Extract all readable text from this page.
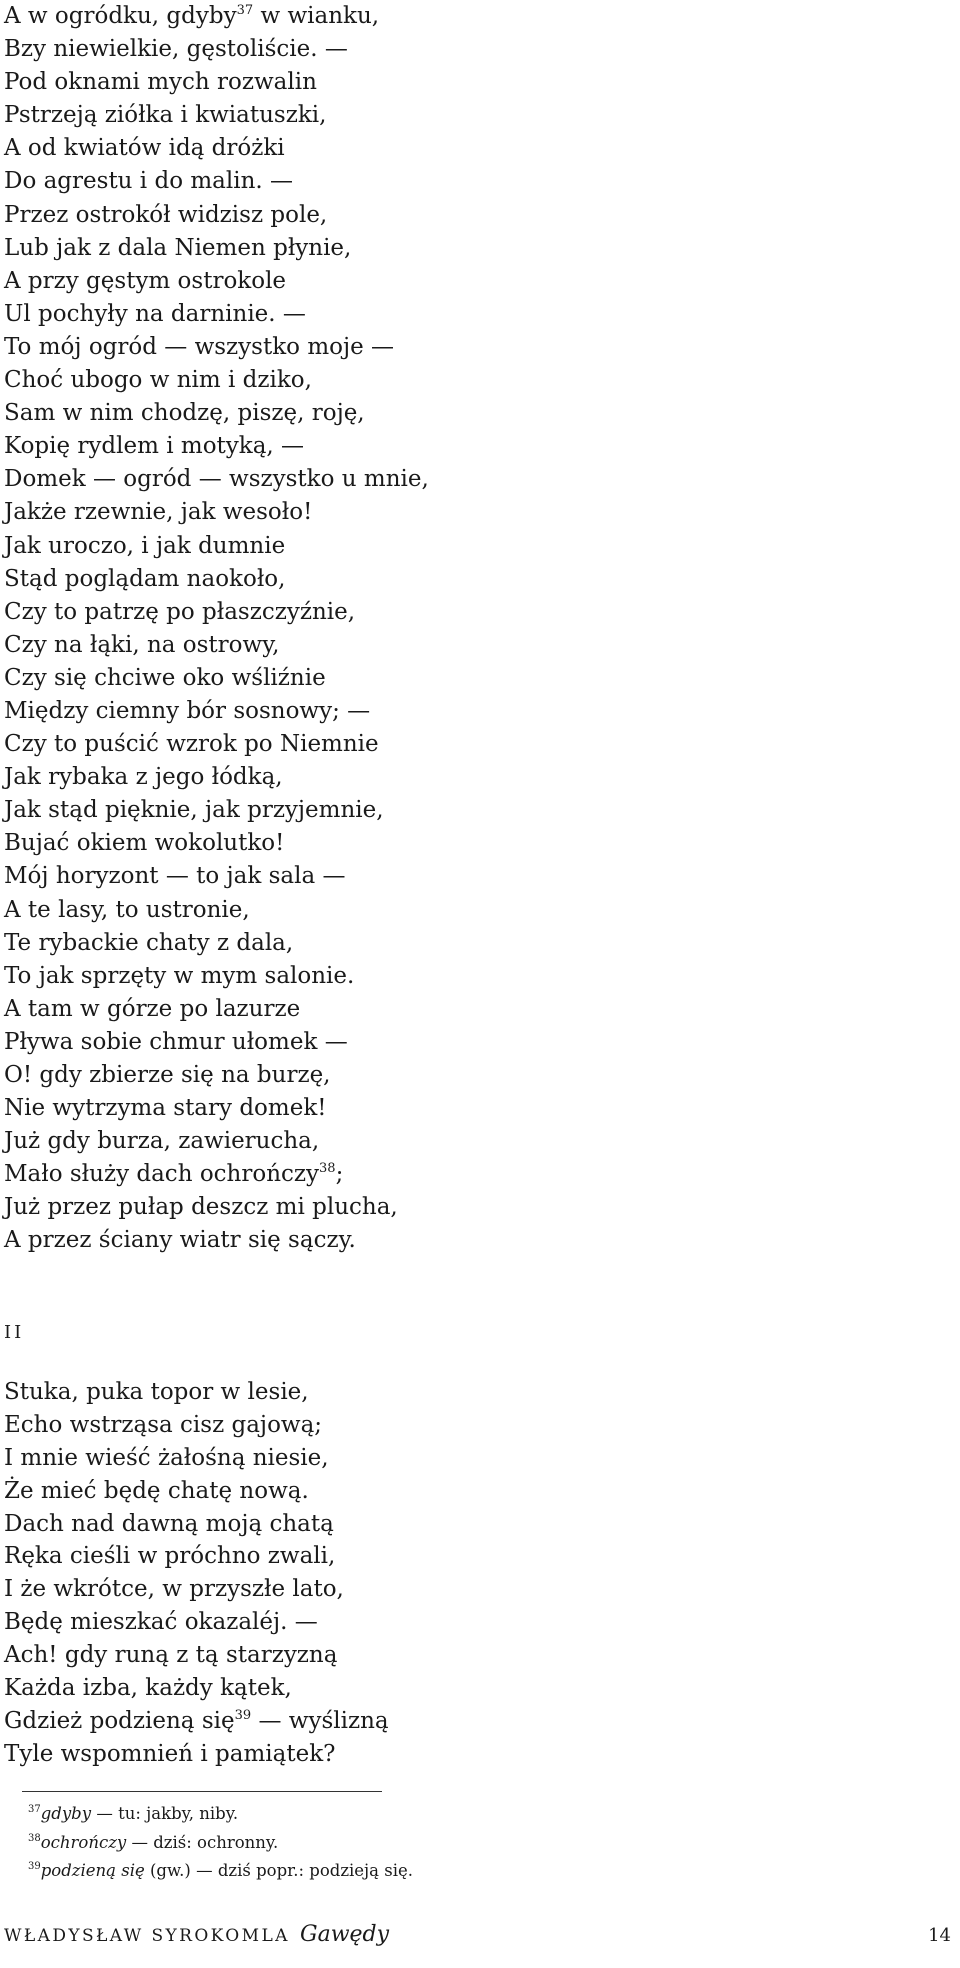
A w ogródku, gdyby$^{37}$ w wianku,
Bzy niewielkie, gęstoliście. —
Pod oknami mych rozwalin
Pstrzeją ziółka i kwiatuszki,
A od kwiatów idą dróżki
Do agrestu i do malin. —
Przez ostrokół widzisz pole,
Lub jak z dala Niemen płynie,
A przy gęstym ostrokole
Ul pochyły na darninie. —
To mój ogród — wszystko moje —
Choć ubogo w nim i dziko,
Sam w nim chodzę, piszę, roję,
Kopię rydlem i motyką, —
Domek — ogród — wszystko u mnie,
Jakże rzewnie, jak wesoło!
Jak uroczo, i jak dumnie
Stąd poglądam naokoło,
Czy to patrzę po płaszczyźnie,
Czy na łąki, na ostrowy,
Czy się chciwe oko wśliźnie
Między ciemny bór sosnowy; —
Czy to puścić wzrok po Niemnie
Jak rybaka z jego łódką,
Jak stąd pięknie, jak przyjemnie,
Bujać okiem wokolutko!
Mój horyzont — to jak sala —
A te lasy, to ustronie,
Te rybackie chaty z dala,
To jak sprzęty w mym salonie.
A tam w górze po lazurze
Pływa sobie chmur ułomek —
O! gdy zbierze się na burzę,
Nie wytrzyma stary domek!
Już gdy burza, zawierucha,
Mało służy dach ochrończy$^{38}$;
Już przez pułap deszcz mi plucha,
A przez ściany wiatr się sączy.
II
Stuka, puka topor w lesie,
Echo wstrząsa cisz gajową;
I mnie wieść żałośną niesie,
Że mieć będę chatę nową.
Dach nad dawną moją chatą
Ręka cieśli w próchno zwali,
I że wkrótce, w przyszłe lato,
Będę mieszkać okazaléj. —
Ach! gdy runą z tą starzyzną
Każda izba, każdy kątek,
Gdzież podzieną się$^{39}$ — wyślizną
Tyle wspomnień i pamiątek?
$^{37}$gdyby — tu: jakby, niby.
$^{38}$ochrończy — dziś: ochronny.
$^{39}$podzieną się (gw.) — dziś popr.: podzieją się.
WŁADYSŁAW SYROKOMLA Gawędy	14
